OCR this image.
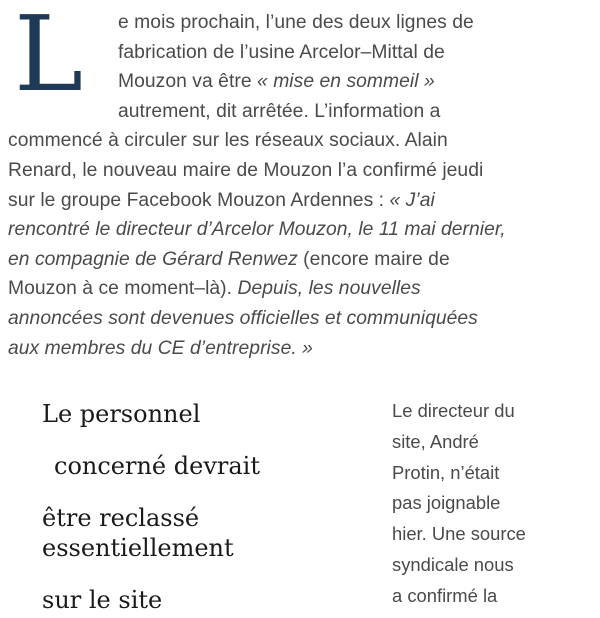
L	e mois prochain, l’une des deux lignes de
fabrication de l’usine Arcelor–Mittal de
Mouzon va être « mise en sommeil »
autrement, dit arrêtée. L’information a
commencé à circuler sur les réseaux sociaux. Alain
Renard, le nouveau maire de Mouzon l’a confirmé jeudi
sur le groupe Facebook Mouzon Ardennes : « J’ai
rencontré le directeur d’Arcelor Mouzon, le 11 mai dernier,
en compagnie de Gérard Renwez (encore maire de
Mouzon à ce moment–là). Depuis, les nouvelles
annoncées sont devenues officielles et communiquées
aux membres du CE d’entreprise. »
Le personnel
concerné devrait
être reclassé
essentiellement
sur le site
Le directeur du
site, André
Protin, n’était
pas joignable
hier. Une source
syndicale nous
a confirmé la
